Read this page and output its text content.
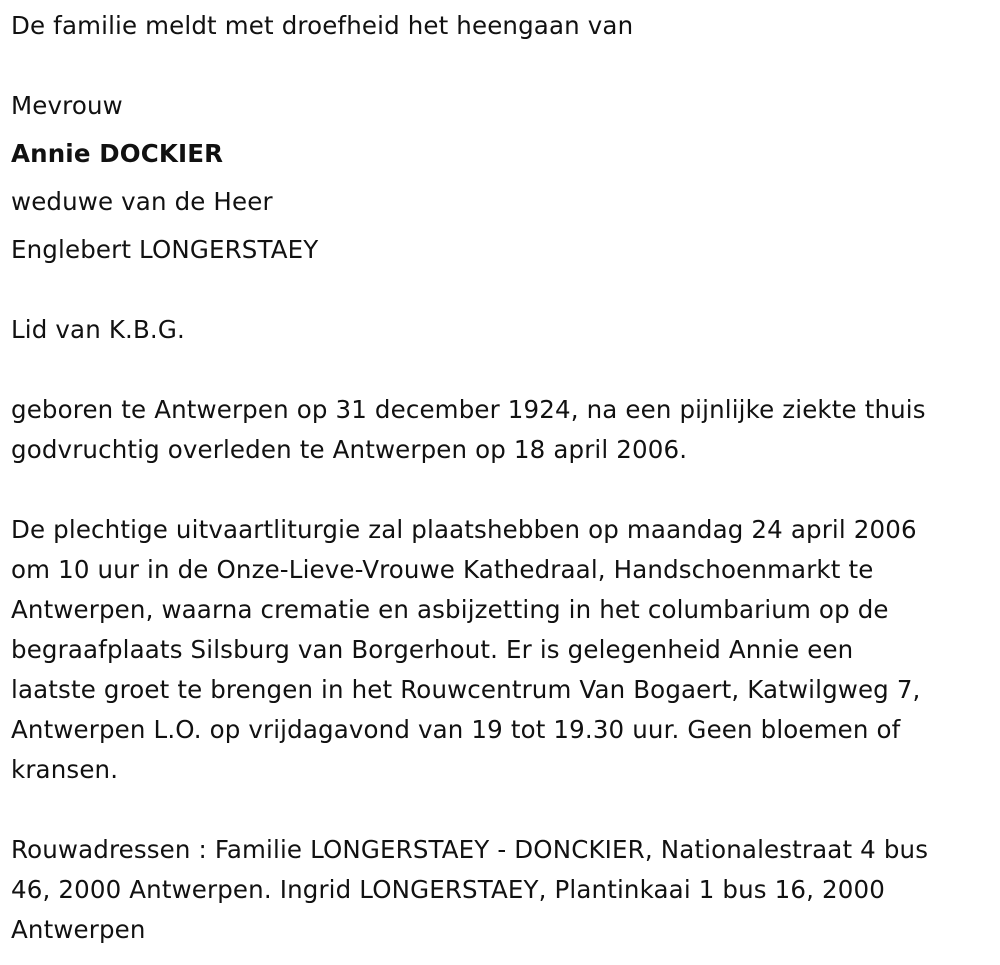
De familie meldt met droefheid het heengaan van
Mevrouw
Annie DOCKIER
weduwe van de Heer
Englebert LONGERSTAEY
Lid van K.B.G.
geboren te Antwerpen op 31 december 1924, na een pijnlijke ziekte thuis
godvruchtig overleden te Antwerpen op 18 april 2006.
De plechtige uitvaartliturgie zal plaatshebben op maandag 24 april 2006
om 10 uur in de Onze-Lieve-Vrouwe Kathedraal, Handschoenmarkt te
Antwerpen, waarna crematie en asbijzetting in het columbarium op de
begraafplaats Silsburg van Borgerhout. Er is gelegenheid Annie een
laatste groet te brengen in het Rouwcentrum Van Bogaert, Katwilgweg 7,
Antwerpen L.O. op vrijdagavond van 19 tot 19.30 uur. Geen bloemen of
kransen.
Rouwadressen : Familie LONGERSTAEY - DONCKIER, Nationalestraat 4 bus
46, 2000 Antwerpen. Ingrid LONGERSTAEY, Plantinkaai 1 bus 16, 2000
Antwerpen
